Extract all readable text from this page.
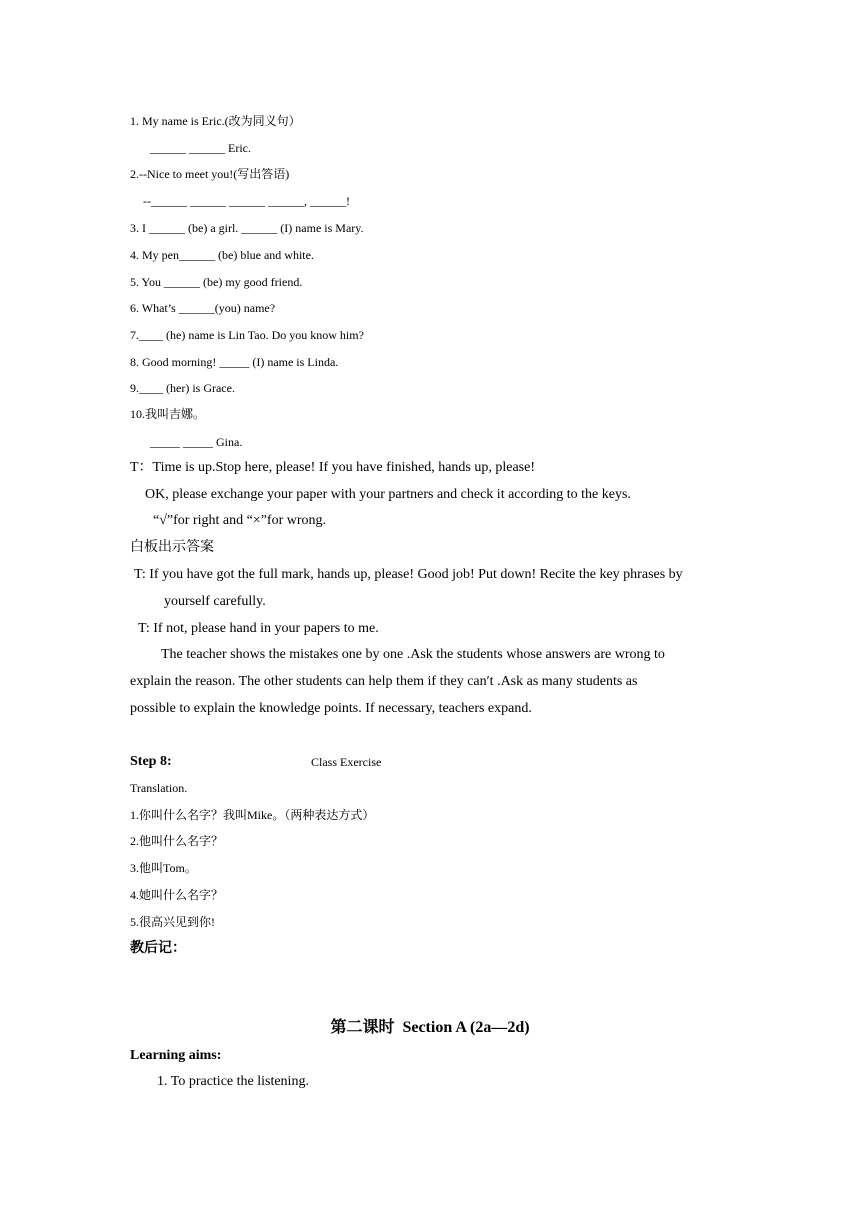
1. My name is Eric.(改为同义句）
______ ______ Eric.
2.--Nice to meet you!(写出答语)
--______ ______ ______ ______, ______!
3. I ______ (be) a girl. ______ (I) name is Mary.
4. My pen______ (be) blue and white.
5. You ______ (be) my good friend.
6. What’s ______(you) name?
7.____ (he) name is Lin Tao. Do you know him?
8. Good morning! _____ (I) name is Linda.
9.____ (her) is Grace.
10.我叫吉娜。
_____ _____ Gina.
T：Time is up.Stop here, please! If you have finished, hands up, please!
OK, please exchange your paper with your partners and check it according to the keys.
“√”for right and “×”for wrong.
白板出示答案
T: If you have got the full mark, hands up, please! Good job! Put down! Recite the key phrases by
yourself carefully.
T: If not, please hand in your papers to me.
The teacher shows the mistakes one by one .Ask the students whose answers are wrong to
explain the reason. The other students can help them if they can′t .Ask as many students as
possible to explain the knowledge points. If necessary, teachers expand.
Step 8:	Class Exercise
Translation.
1.你叫什么名字？我叫Mike。（两种表达方式）
2.他叫什么名字？
3.他叫Tom。
4.她叫什么名字？
5.很高兴见到你!
教后记：
第二课时  Section A (2a—2d)
Learning aims:
1. To practice the listening.
